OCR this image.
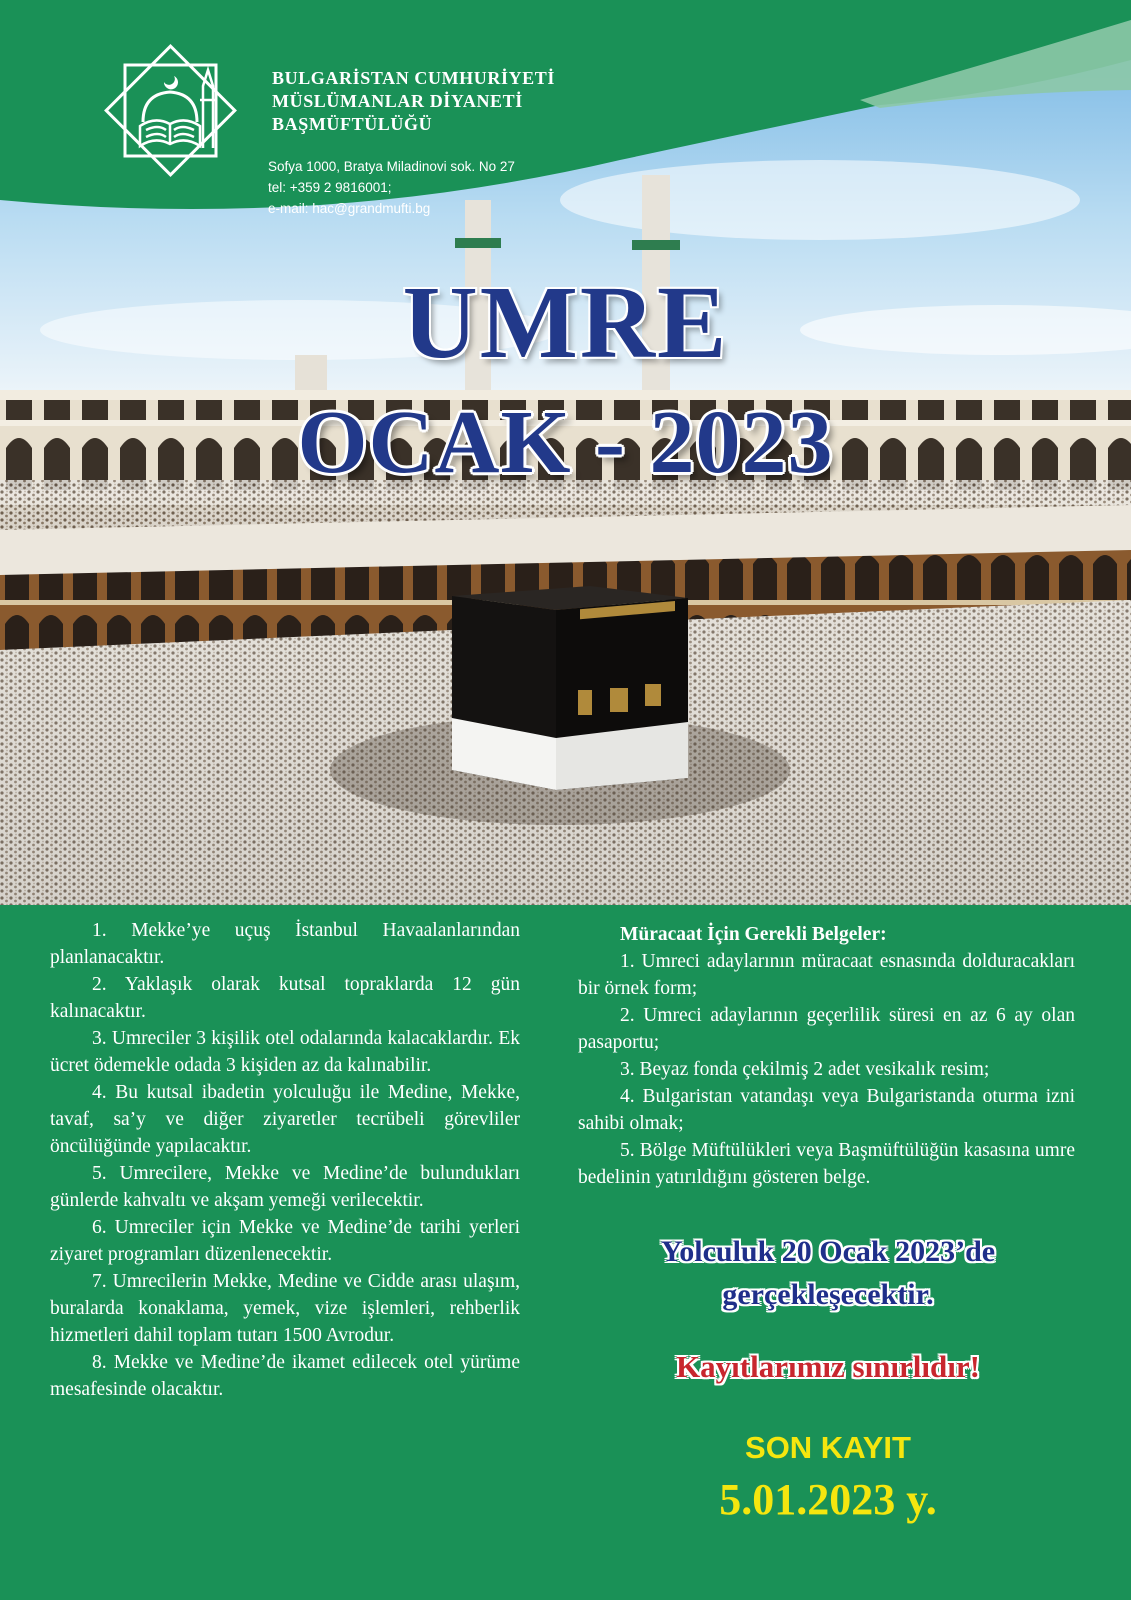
BULGARİSTAN CUMHURİYETİ
MÜSLÜMANLAR DİYANETİ
BAŞMÜFTÜLÜĞÜ
Sofya 1000, Bratya Miladinovi sok. No 27
tel: +359 2 9816001;
e-mail: hac@grandmufti.bg
UMRE
OCAK - 2023

1. Mekke’ye uçuş İstanbul Havaalanlarından planlanacaktır.

2. Yaklaşık olarak kutsal topraklarda 12 gün kalınacaktır.

3. Umreciler 3 kişilik otel odalarında kalacaklardır. Ek ücret ödemekle odada 3 kişiden az da kalınabilir.

4. Bu kutsal ibadetin yolculuğu ile Medine, Mekke, tavaf, sa’y ve diğer ziyaretler tecrübeli görevliler öncülüğünde yapılacaktır.

5. Umrecilere, Mekke ve Medine’de bulundukları günlerde kahvaltı ve akşam yemeği verilecektir.

6. Umreciler için Mekke ve Medine’de tarihi yerleri ziyaret programları düzenlenecektir.

7. Umrecilerin Mekke, Medine ve Cidde arası ulaşım, buralarda konaklama, yemek, vize işlemleri, rehberlik hizmetleri dahil toplam tutarı 1500 Avrodur.

8. Mekke ve Medine’de ikamet edilecek otel yürüme mesafesinde olacaktır.

Müracaat İçin Gerekli Belgeler:

1. Umreci adaylarının müracaat esnasında dolduracakları bir örnek form;

2. Umreci adaylarının geçerlilik süresi en az 6 ay olan pasaportu;

3. Beyaz fonda çekilmiş 2 adet vesikalık resim;

4. Bulgaristan vatandaşı veya Bulgaristanda oturma izni sahibi olmak;

5. Bölge Müftülükleri veya Başmüftülüğün kasasına umre bedelinin yatırıldığını gösteren belge.

Yolculuk 20 Ocak 2023’de
gerçekleşecektir.
Kayıtlarımız sınırlıdır!
SON KAYIT
5.01.2023 y.
